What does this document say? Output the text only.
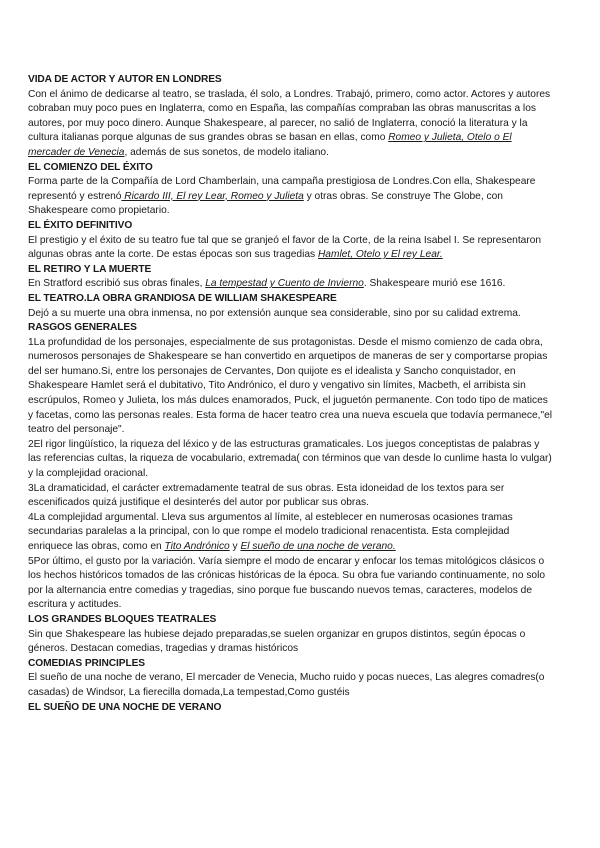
VIDA DE ACTOR Y AUTOR EN LONDRES

Con el ánimo de dedicarse al teatro, se traslada, él solo, a Londres. Trabajó, primero, como actor. Actores y autores cobraban muy poco pues en Inglaterra, como en España, las compañías compraban las obras manuscritas a los autores, por muy poco dinero. Aunque Shakespeare, al parecer, no salió de Inglaterra, conoció la literatura y la cultura italianas porque algunas de sus grandes obras se basan en ellas, como Romeo y Julieta, Otelo o El mercader de Venecia, además de sus sonetos, de modelo italiano.

EL COMIENZO DEL ÉXITO

Forma parte de la Compañía de Lord Chamberlain, una campaña prestigiosa de Londres.Con ella, Shakespeare representó y estrenó Ricardo III, El rey Lear, Romeo y Julieta y otras obras. Se construye The Globe, con Shakespeare como propietario.

EL ÉXITO DEFINITIVO

El prestigio y el éxito de su teatro fue tal que se granjeó el favor de la Corte, de la reina Isabel I. Se representaron algunas obras ante la corte. De estas épocas son sus tragedias Hamlet, Otelo y El rey Lear.

EL RETIRO Y LA MUERTE

En Stratford escribió sus obras finales, La tempestad y Cuento de Invierno. Shakespeare murió ese 1616.

EL TEATRO.LA OBRA GRANDIOSA DE WILLIAM SHAKESPEARE

Dejó a su muerte una obra inmensa, no por extensión aunque sea considerable, sino por su calidad extrema.

RASGOS GENERALES

1La profundidad de los personajes, especialmente de sus protagonistas. Desde el mismo comienzo de cada obra, numerosos personajes de Shakespeare se han convertido en arquetipos de maneras de ser y comportarse propias del ser humano.Si, entre los personajes de Cervantes, Don quijote es el idealista y Sancho conquistador, en Shakespeare Hamlet será el dubitativo, Tito Andrónico, el duro y vengativo sin límites, Macbeth, el arribista sin escrúpulos, Romeo y Julieta, los más dulces enamorados, Puck, el juguetón permanente. Con todo tipo de matices y facetas, como las personas reales. Esta forma de hacer teatro crea una nueva escuela que todavía permanece,"el teatro del personaje".

2El rigor lingüístico, la riqueza del léxico y de las estructuras gramaticales. Los juegos conceptistas de palabras y las referencias cultas, la riqueza de vocabulario, extremada( con términos que van desde lo cunlime hasta lo vulgar) y la complejidad oracional.

3La dramaticidad, el carácter extremadamente teatral de sus obras. Esta idoneidad de los textos para ser escenificados quizá justifique el desinterés del autor por publicar sus obras.

4La complejidad argumental. Lleva sus argumentos al límite, al esteblecer en numerosas ocasiones tramas secundarias paralelas a la principal, con lo que rompe el modelo tradicional renacentista. Esta complejidad enriquece las obras, como en Tito Andrónico y El sueño de una noche de verano.

5Por último, el gusto por la variación. Varía siempre el modo de encarar y enfocar los temas mitológicos clásicos o los hechos históricos tomados de las crónicas históricas de la época. Su obra fue variando continuamente, no solo por la alternancia entre comedias y tragedias, sino porque fue buscando nuevos temas, caracteres, modelos de escritura y actitudes.

LOS GRANDES BLOQUES TEATRALES

Sin que Shakespeare las hubiese dejado preparadas,se suelen organizar en grupos distintos, según épocas o géneros. Destacan comedias, tragedias y dramas históricos

COMEDIAS PRINCIPLES

El sueño de una noche de verano, El mercader de Venecia, Mucho ruido y pocas nueces, Las alegres comadres(o casadas) de Windsor, La fierecilla domada,La tempestad,Como gustéis

EL SUEÑO DE UNA NOCHE DE VERANO
